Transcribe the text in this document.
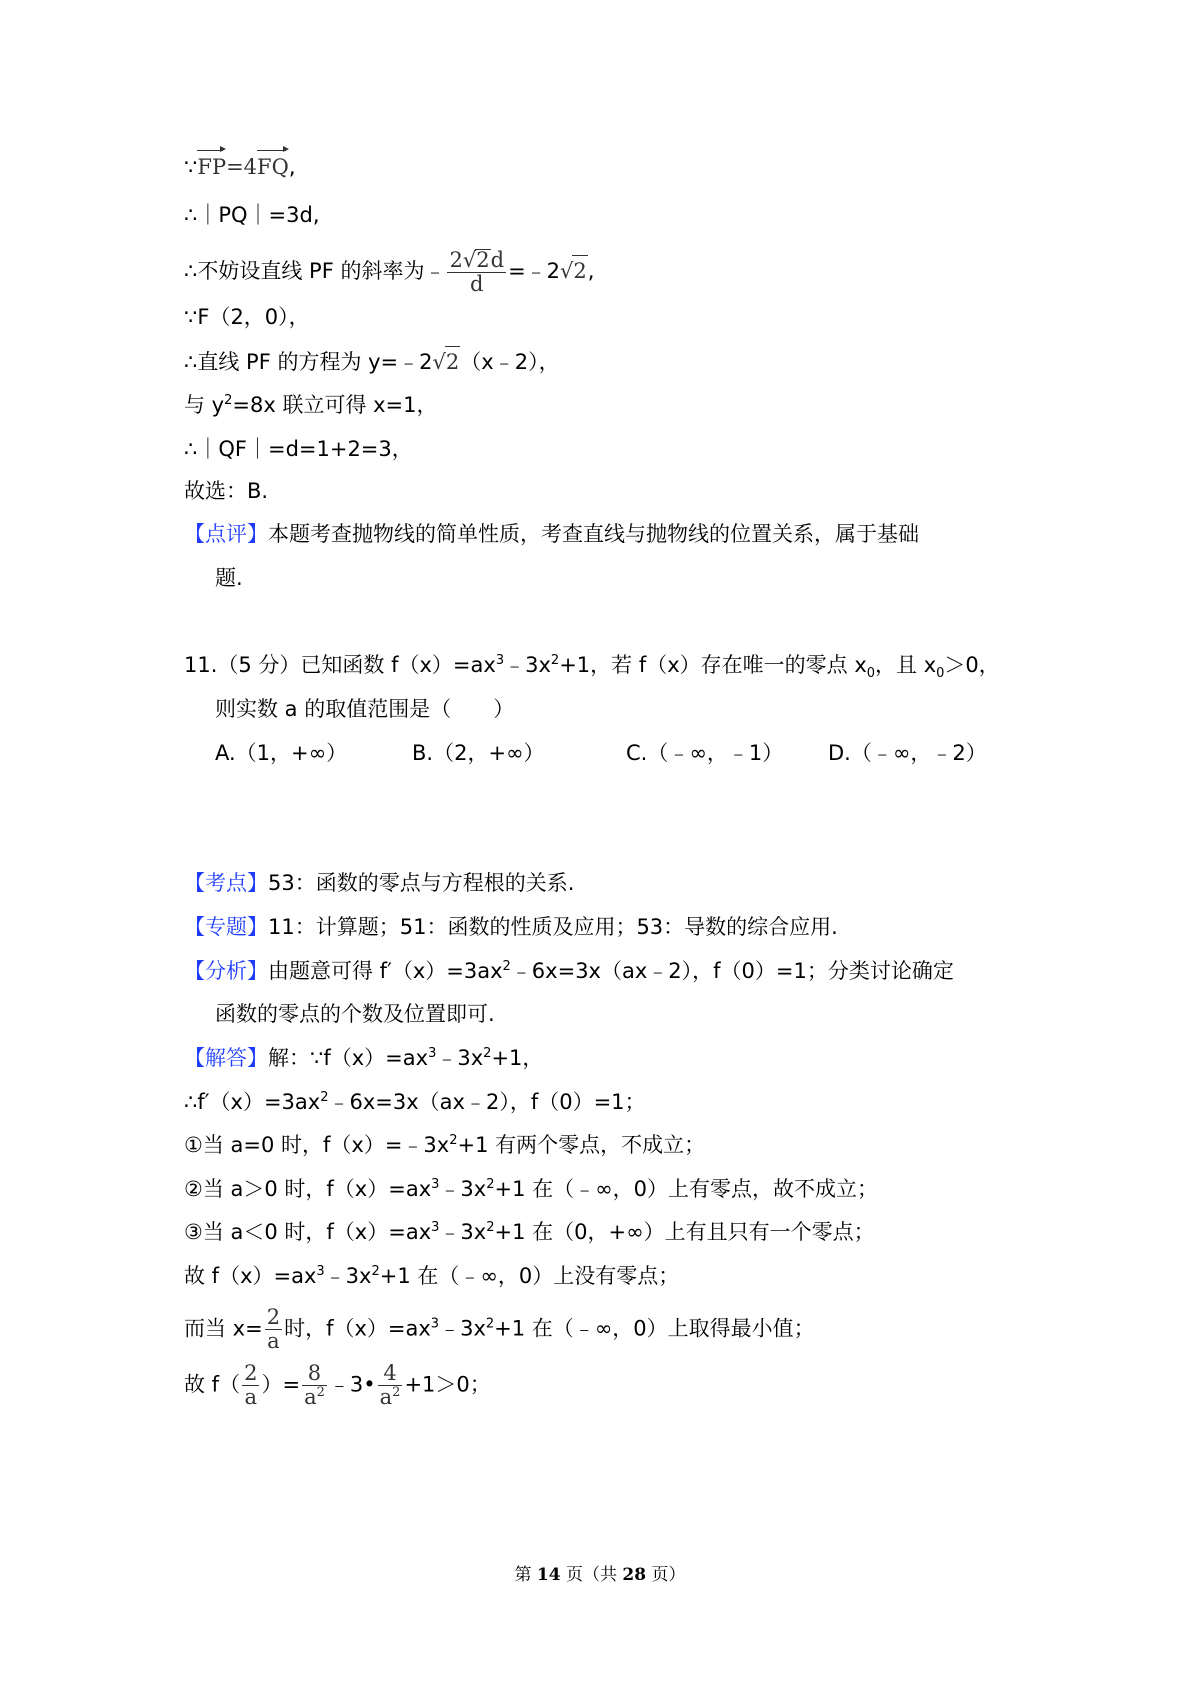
∵FP=4FQ,
∴｜PQ｜=3d,
∴不妨设直线 PF 的斜率为﹣ $\frac{2√2d}{d}$ =﹣2√2,
∵F（2，0），
∴直线 PF 的方程为 y=﹣2√2（x﹣2），
与 $y^2=8x$ 联立可得 x=1，
∴｜QF｜=d=1+2=3，
故选：B.
【点评】本题考查抛物线的简单性质，考查直线与抛物线的位置关系，属于基础
题.
11.（5 分）已知函数 $f(x)=ax^3﹣3x^2+1$，若 f（x）存在唯一的零点 $x_0$，且 $x_0>0$，
则实数 a 的取值范围是（　　）
A.（1，+∞）	B.（2，+∞）	C.（﹣∞，﹣1） D.（﹣∞，﹣2）
【考点】53：函数的零点与方程根的关系.
【专题】11：计算题；51：函数的性质及应用；53：导数的综合应用.
【分析】由题意可得 $f'(x)=3ax^2﹣6x=3x(ax﹣2)$，f（0）=1；分类讨论确定
函数的零点的个数及位置即可.
【解答】解：$\because f(x)=ax^3﹣3x^2+1$，
$\therefore f'(x)=3ax^2﹣6x=3x(ax﹣2)$，f（0）=1；
①当 a=0 时，$f(x)=﹣3x^2+1$ 有两个零点，不成立；
②当 a＞0 时，$f(x)=ax^3﹣3x^2+1$ 在（﹣∞，0）上有零点，故不成立；
③当 a＜0 时，$f(x)=ax^3﹣3x^2+1$ 在（0，+∞）上有且只有一个零点；
故 $f(x)=ax^3﹣3x^2+1$ 在（﹣∞，0）上没有零点；
而当 $x= \frac{2}{a}$ 时，$f(x)=ax^3﹣3x^2+1$ 在（﹣∞，0）上取得最小值；
故 $f( \frac{2}{a}$ ）= $\frac{8}{a^2}$ ﹣3• $\frac{4}{a^2} +1>0$；
第 14 页（共 28 页）
